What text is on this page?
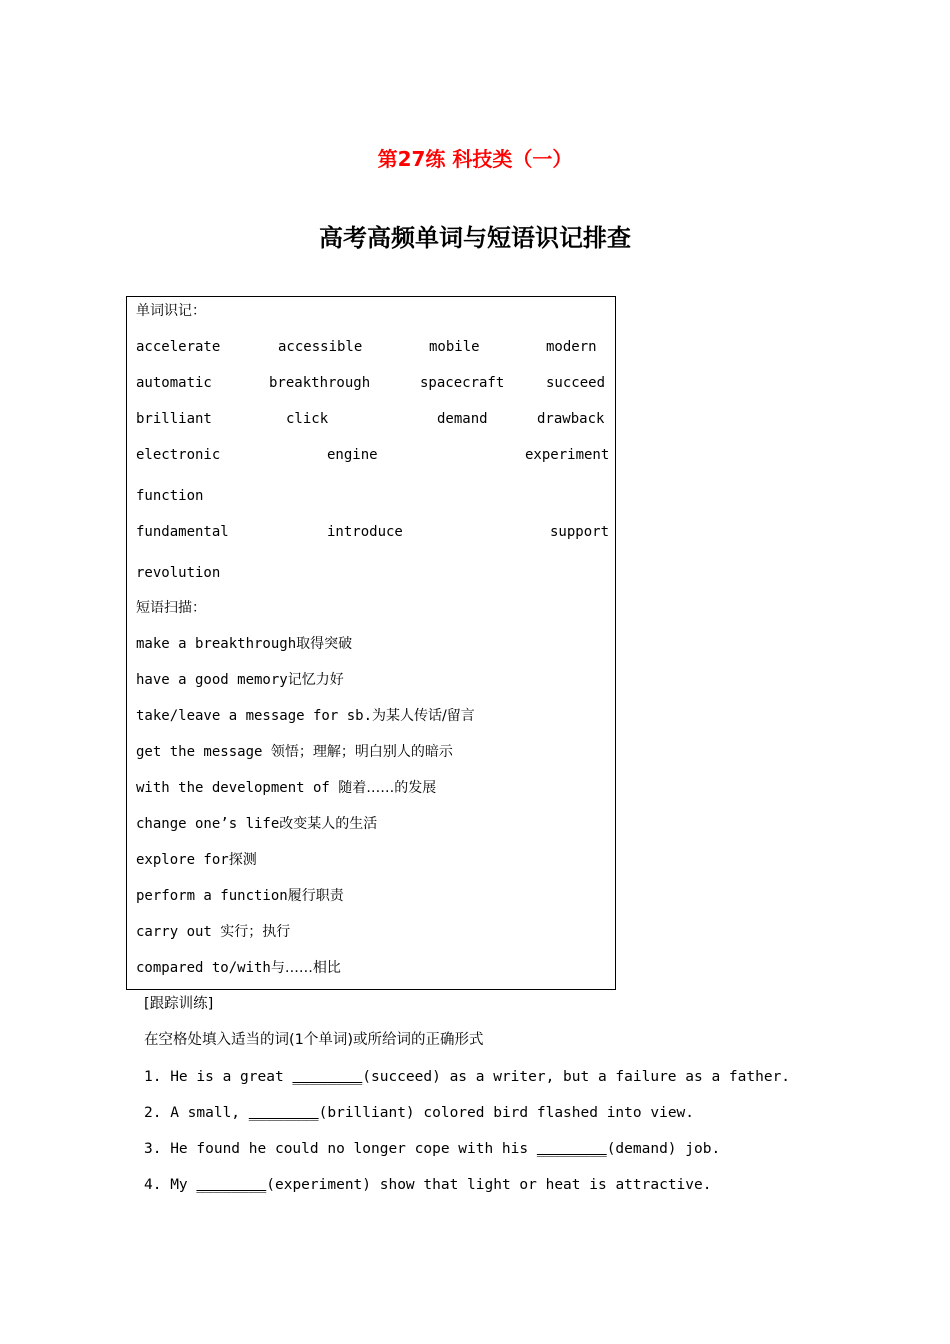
第27练 科技类（一）
高考高频单词与短语识记排查
单词识记：
accelerate	accessible	mobile	modern
automatic	breakthrough	spacecraft	succeed
brilliant	click	demand	drawback
electronic	engine	experiment
function
fundamental	introduce	support
revolution
短语扫描：
make a breakthrough取得突破
have a good memory记忆力好
take/leave a message for sb.为某人传话/留言
get the message 领悟；理解；明白别人的暗示
with the development of 随着……的发展
change one’s life改变某人的生活
explore for探测
perform a function履行职责
carry out 实行；执行
compared to/with与……相比
[跟踪训练]
在空格处填入适当的词(1个单词)或所给词的正确形式
1. He is a great ________(succeed) as a writer, but a failure as a father.
2. A small, ________(brilliant) colored bird flashed into view.
3. He found he could no longer cope with his ________(demand) job.
4. My ________(experiment) show that light or heat is attractive.
